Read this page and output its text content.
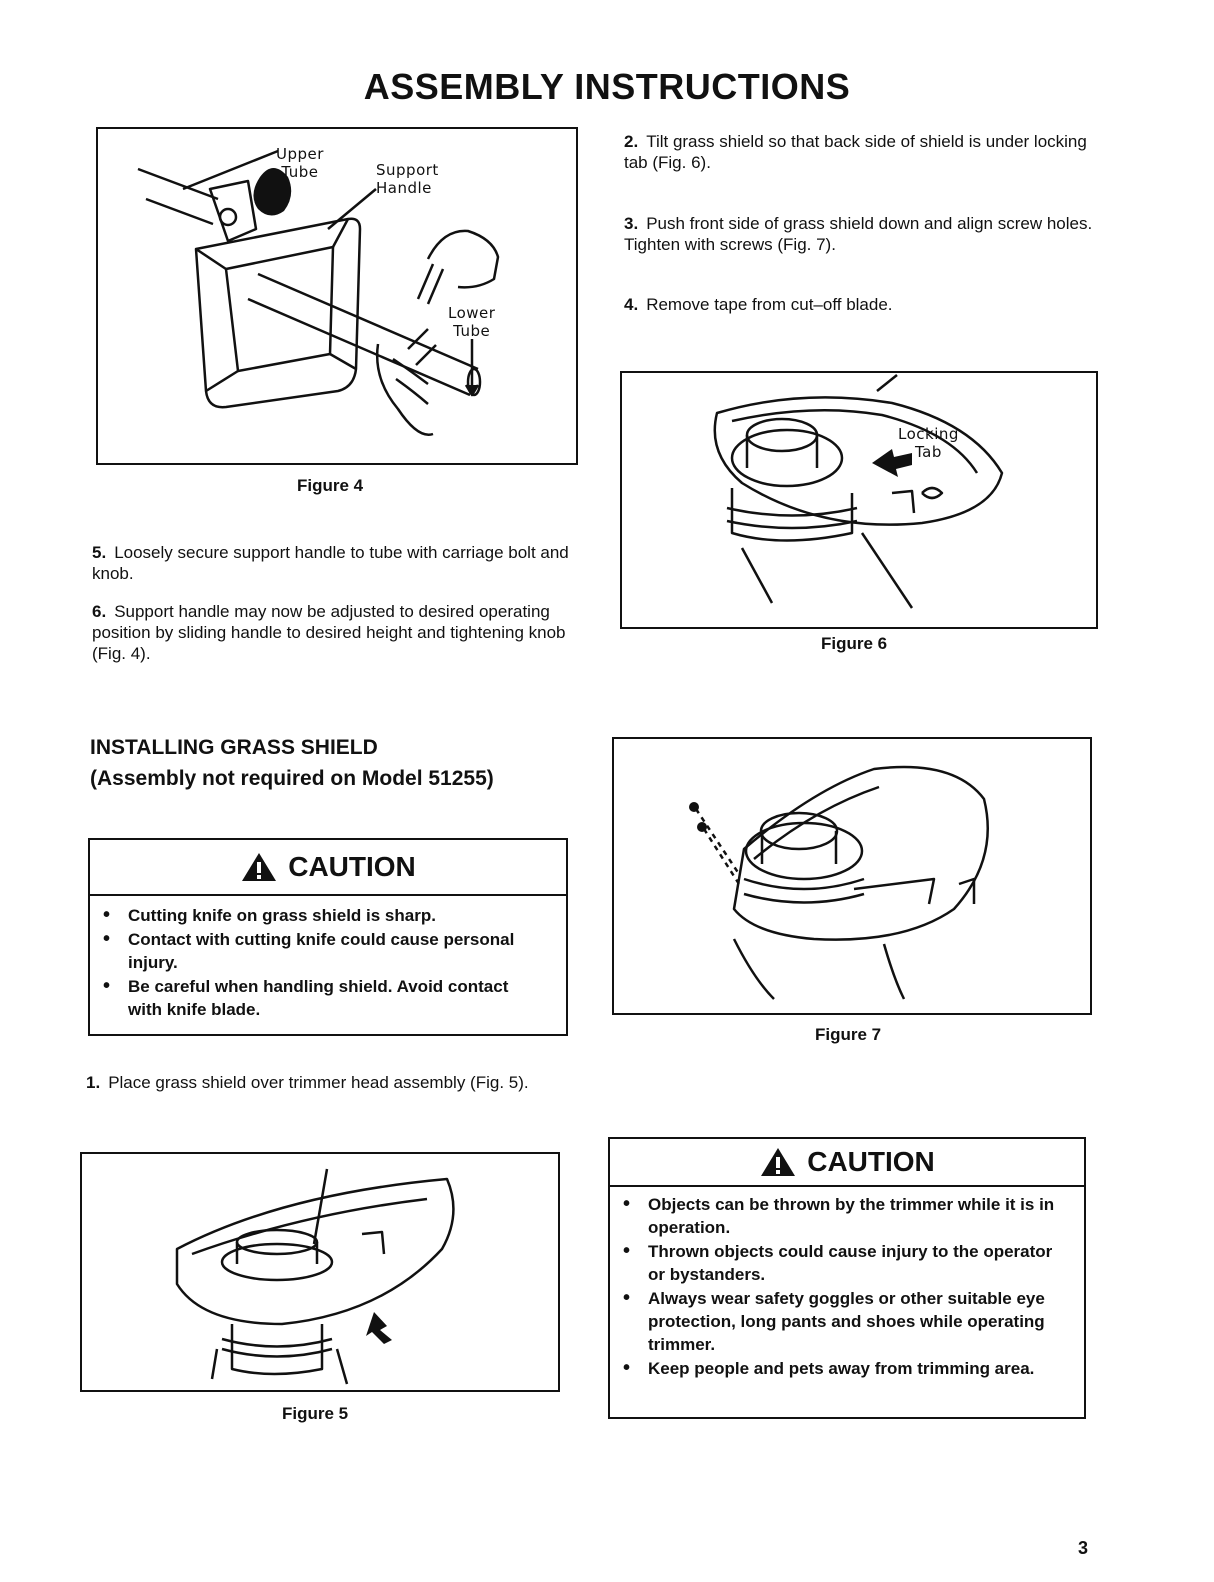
ASSEMBLY INSTRUCTIONS
Upper
Tube	Support
Handle
Lower
Tube
Figure 4
5. Loosely secure support handle to tube with carriage bolt and knob.
6. Support handle may now be adjusted to desired operating position by sliding handle to desired height and tightening knob (Fig. 4).
INSTALLING GRASS SHIELD
(Assembly not required on Model 51255)
CAUTION
• Cutting knife on grass shield is sharp.
• Contact with cutting knife could cause personal injury.
• Be careful when handling shield. Avoid contact with knife blade.
1. Place grass shield over trimmer head assembly (Fig. 5).
Figure 5
2. Tilt grass shield so that back side of shield is under locking tab (Fig. 6).
3. Push front side of grass shield down and align screw holes. Tighten with screws (Fig. 7).
4. Remove tape from cut–off blade.
Locking
Tab
Figure 6
Figure 7
CAUTION
• Objects can be thrown by the trimmer while it is in operation.
• Thrown objects could cause injury to the operator or bystanders.
• Always wear safety goggles or other suitable eye protection, long pants and shoes while operating trimmer.
• Keep people and pets away from trimming area.
3
